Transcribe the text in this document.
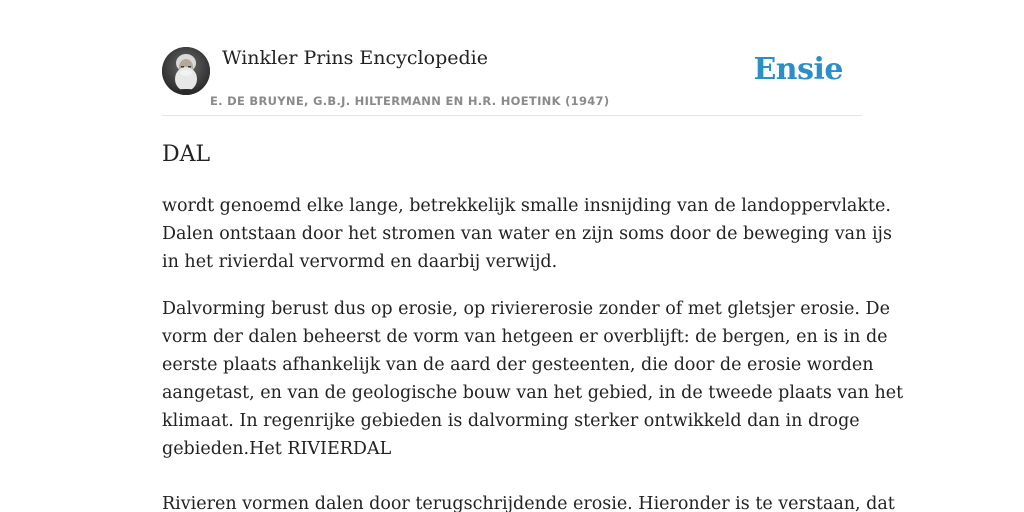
Winkler Prins Encyclopedie
E. DE BRUYNE, G.B.J. HILTERMANN EN H.R. HOETINK (1947)
Ensie
DAL

wordt genoemd elke lange, betrekkelijk smalle insnijding van de landoppervlakte.
Dalen ontstaan door het stromen van water en zijn soms door de beweging van ijs
in het rivierdal vervormd en daarbij verwijd.

Dalvorming berust dus op erosie, op riviererosie zonder of met gletsjer erosie. De
vorm der dalen beheerst de vorm van hetgeen er overblijft: de bergen, en is in de
eerste plaats afhankelijk van de aard der gesteenten, die door de erosie worden
aangetast, en van de geologische bouw van het gebied, in de tweede plaats van het
klimaat. In regenrijke gebieden is dalvorming sterker ontwikkeld dan in droge
gebieden.Het RIVIERDAL

Rivieren vormen dalen door terugschrijdende erosie. Hieronder is te verstaan, dat
